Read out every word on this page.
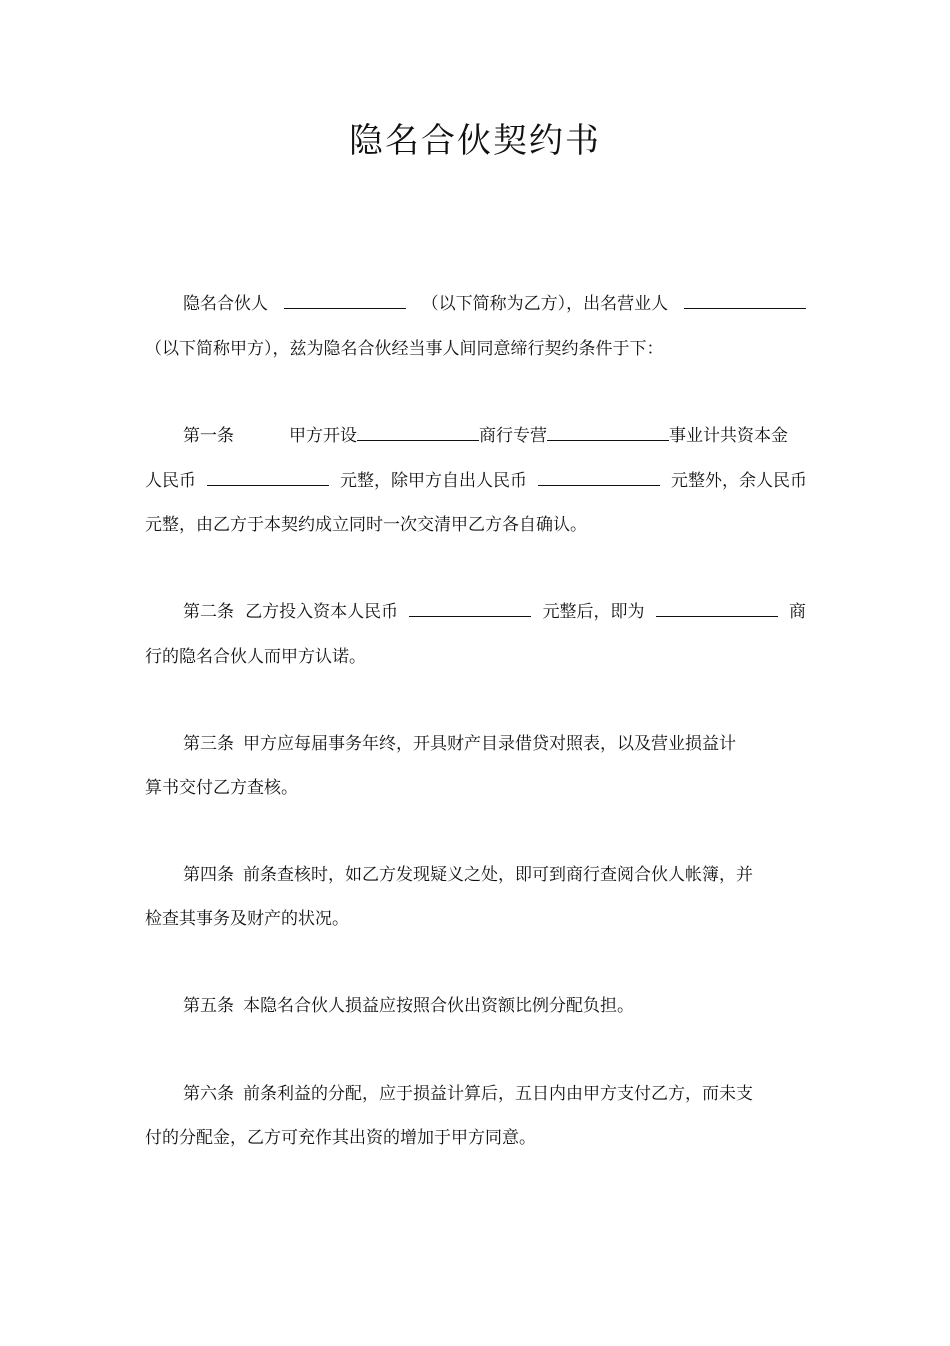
隐名合伙契约书
隐名合伙人	（以下简称为乙方），出名营业人
（以下简称甲方），兹为隐名合伙经当事人间同意缔行契约条件于下：
第一条	甲方开设	商行专营	事业计共资本金
人民币	元整，除甲方自出人民币	元整外，余人民币
元整，由乙方于本契约成立同时一次交清甲乙方各自确认。
第二条 乙方投入资本人民币	元整后，即为	商
行的隐名合伙人而甲方认诺。
第三条 甲方应每届事务年终，开具财产目录借贷对照表，以及营业损益计
算书交付乙方查核。
第四条 前条查核时，如乙方发现疑义之处，即可到商行查阅合伙人帐簿，并
检查其事务及财产的状况。
第五条 本隐名合伙人损益应按照合伙出资额比例分配负担。
第六条 前条利益的分配，应于损益计算后，五日内由甲方支付乙方，而未支
付的分配金，乙方可充作其出资的增加于甲方同意。
